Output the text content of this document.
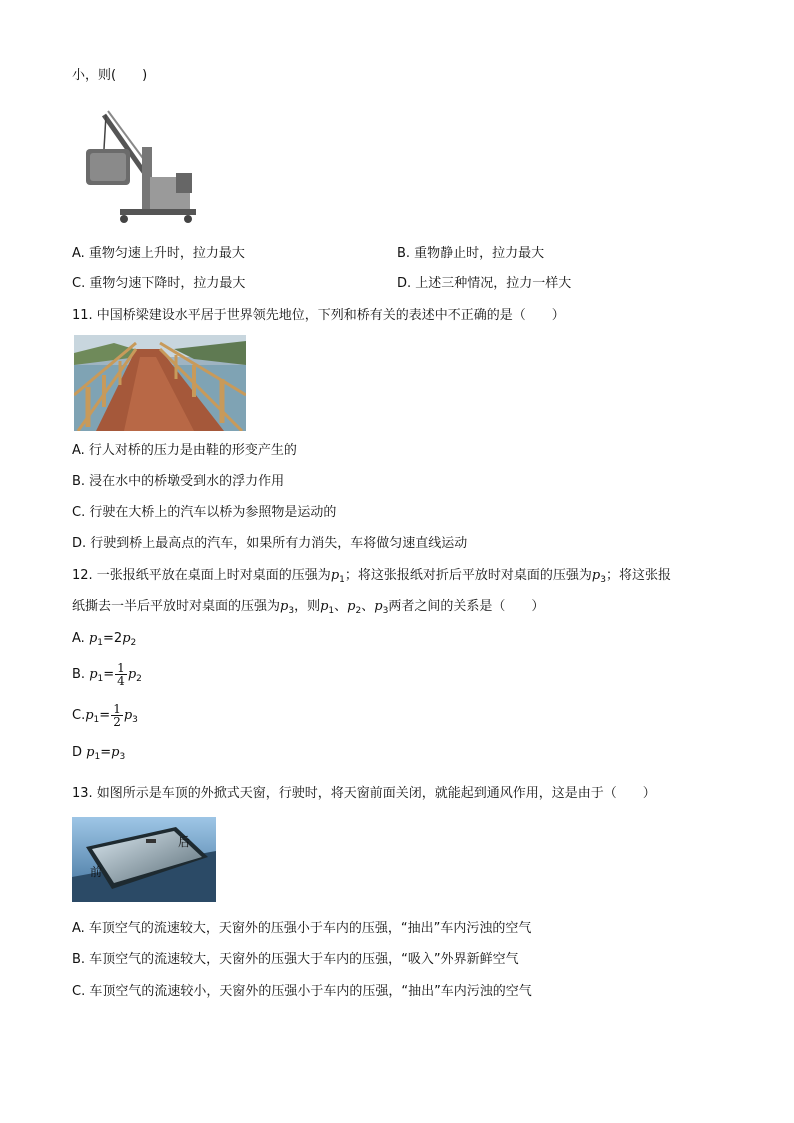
小，则(　　)
A. 重物匀速上升时，拉力最大	B. 重物静止时，拉力最大
C. 重物匀速下降时，拉力最大	D. 上述三种情况，拉力一样大
11. 中国桥梁建设水平居于世界领先地位，下列和桥有关的表述中不正确的是（　　）
A. 行人对桥的压力是由鞋的形变产生的
B. 浸在水中的桥墩受到水的浮力作用
C. 行驶在大桥上的汽车以桥为参照物是运动的
D. 行驶到桥上最高点的汽车，如果所有力消失，车将做匀速直线运动
12. 一张报纸平放在桌面上时对桌面的压强为$p_1$；将这张报纸对折后平放时对桌面的压强为$p_3$；将这张报
纸撕去一半后平放时对桌面的压强为$p_3$，则$p_1$、$p_2$、$p_3$两者之间的关系是（　　）
A. $p_1=2p_2$
B. $p_1= \frac{1}{4} p_2$
$C.p_1= \frac{1}{2} p_3$
D $p_1=p_3$
13. 如图所示是车顶的外掀式天窗，行驶时，将天窗前面关闭，就能起到通风作用，这是由于（　　）
后
前
A. 车顶空气的流速较大，天窗外的压强小于车内的压强，“抽出”车内污浊的空气
B. 车顶空气的流速较大，天窗外的压强大于车内的压强，“吸入”外界新鲜空气
C. 车顶空气的流速较小，天窗外的压强小于车内的压强，“抽出”车内污浊的空气
